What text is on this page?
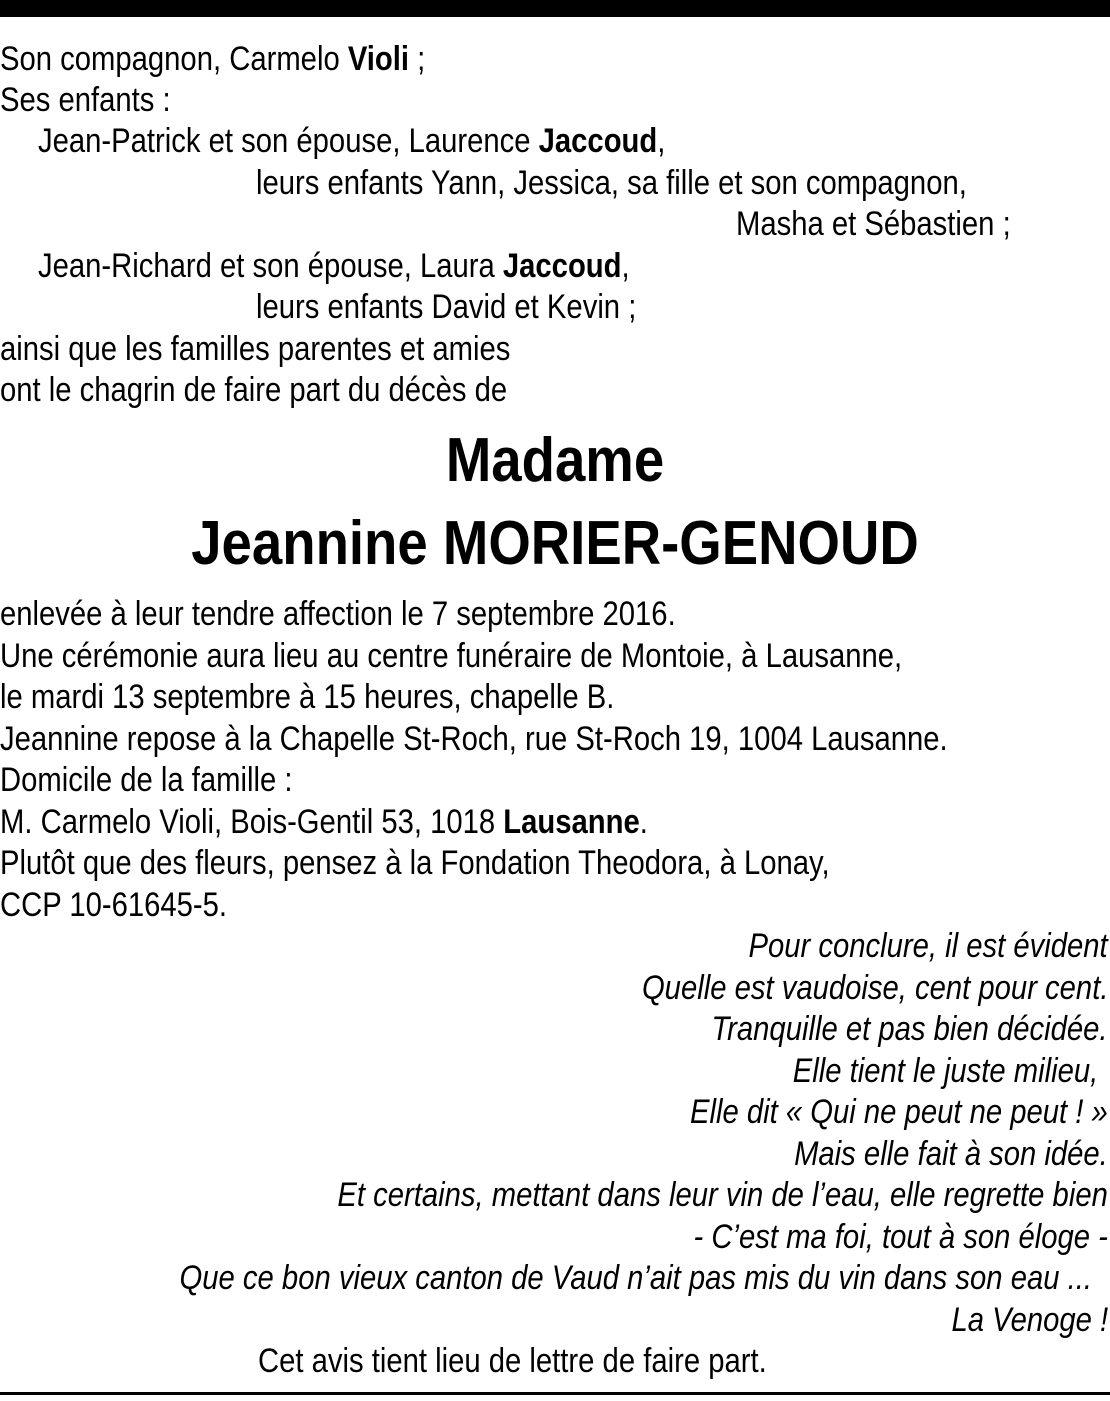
Son compagnon, Carmelo Violi ;
Ses enfants :
Jean-Patrick et son épouse, Laurence Jaccoud,
leurs enfants Yann, Jessica, sa fille et son compagnon,
Masha et Sébastien ;
Jean-Richard et son épouse, Laura Jaccoud,
leurs enfants David et Kevin ;
ainsi que les familles parentes et amies
ont le chagrin de faire part du décès de
Madame
Jeannine MORIER-GENOUD
enlevée à leur tendre affection le 7 septembre 2016.
Une cérémonie aura lieu au centre funéraire de Montoie, à Lausanne,
le mardi 13 septembre à 15 heures, chapelle B.
Jeannine repose à la Chapelle St-Roch, rue St-Roch 19, 1004 Lausanne.
Domicile de la famille :
M. Carmelo Violi, Bois-Gentil 53, 1018 Lausanne.
Plutôt que des fleurs, pensez à la Fondation Theodora, à Lonay,
CCP 10-61645-5.
Pour conclure, il est évident
Quelle est vaudoise, cent pour cent.
Tranquille et pas bien décidée.
Elle tient le juste milieu,
Elle dit « Qui ne peut ne peut ! »
Mais elle fait à son idée.
Et certains, mettant dans leur vin de l’eau, elle regrette bien
- C’est ma foi, tout à son éloge -
Que ce bon vieux canton de Vaud n’ait pas mis du vin dans son eau ...
La Venoge !
Cet avis tient lieu de lettre de faire part.
